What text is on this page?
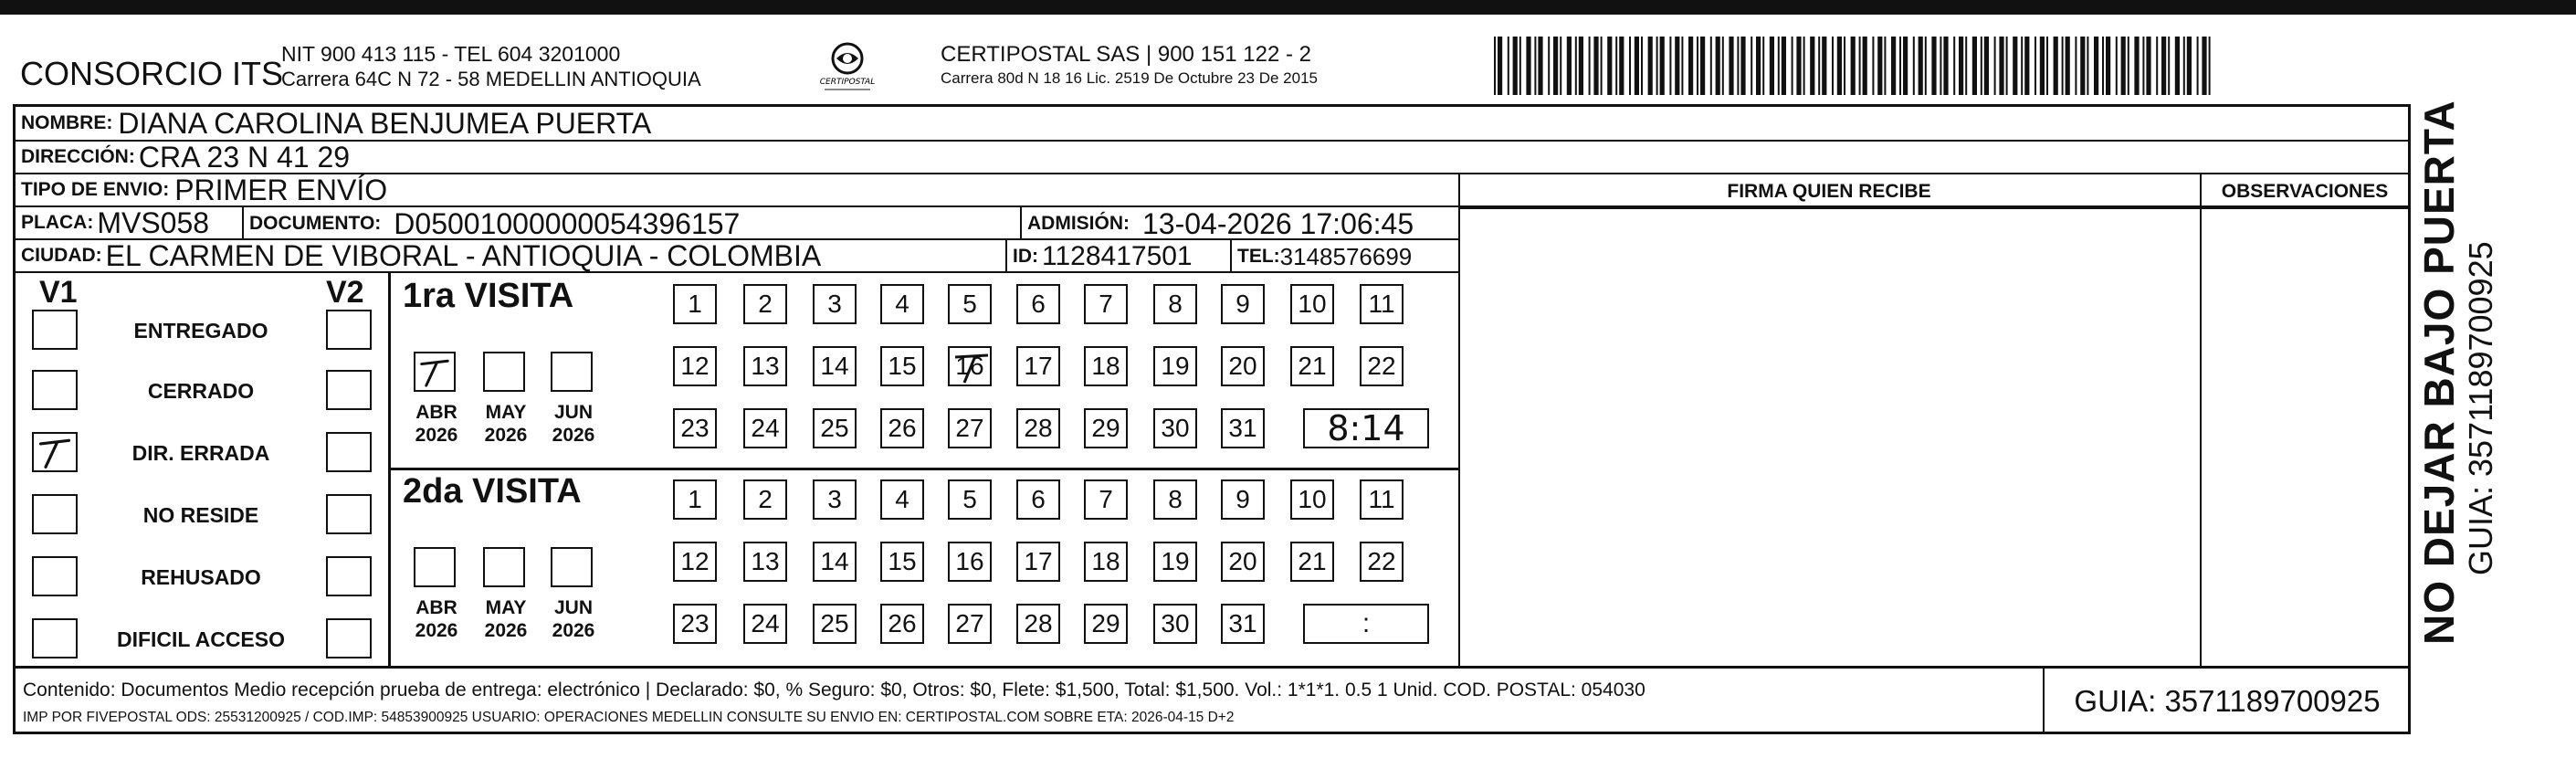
CONSORCIO ITS
NIT 900 413 115 - TEL 604 3201000
Carrera 64C N 72 - 58 MEDELLIN ANTIOQUIA	CERTIPOSTAL
CERTIPOSTAL SAS | 900 151 122 - 2
Carrera 80d N 18 16 Lic. 2519 De Octubre 23 De 2015
NOMBRE: DIANA CAROLINA BENJUMEA PUERTA
DIRECCIÓN: CRA 23 N 41 29
TIPO DE ENVIO: PRIMER ENVÍO
PLACA: MVS058 DOCUMENTO: D05001000000054396157	ADMISIÓN: 13-04-2026 17:06:45
CIUDAD: EL CARMEN DE VIBORAL - ANTIOQUIA - COLOMBIA	ID: 1128417501 TEL: 3148576699
FIRMA QUIEN RECIBE	OBSERVACIONES
V1	V2
ENTREGADO
CERRADO
DIR. ERRADA
NO RESIDE
REHUSADO
DIFICIL ACCESO
1ra VISITA
ABR
2026
MAY
2026
JUN
2026
1	2	3	4	5	6	7	8	9	10	11
12	13	14	15	16	17	18	19	20	21	22
23	24	25	26	27	28	29	30	31	8:14
2da VISITA
ABR
2026
MAY
2026
JUN
2026
1	2	3	4	5	6	7	8	9	10	11
12	13	14	15	16	17	18	19	20	21	22
23	24	25	26	27	28	29	30	31	:
Contenido: Documentos Medio recepción prueba de entrega: electrónico | Declarado: $0, % Seguro: $0, Otros: $0, Flete: $1,500, Total: $1,500. Vol.: 1*1*1. 0.5 1 Unid. COD. POSTAL: 054030
IMP POR FIVEPOSTAL ODS: 25531200925 / COD.IMP: 54853900925 USUARIO: OPERACIONES MEDELLIN CONSULTE SU ENVIO EN: CERTIPOSTAL.COM SOBRE ETA: 2026-04-15 D+2	GUIA: 3571189700925
NO DEJAR BAJO PUERTA GUIA: 3571189700925
